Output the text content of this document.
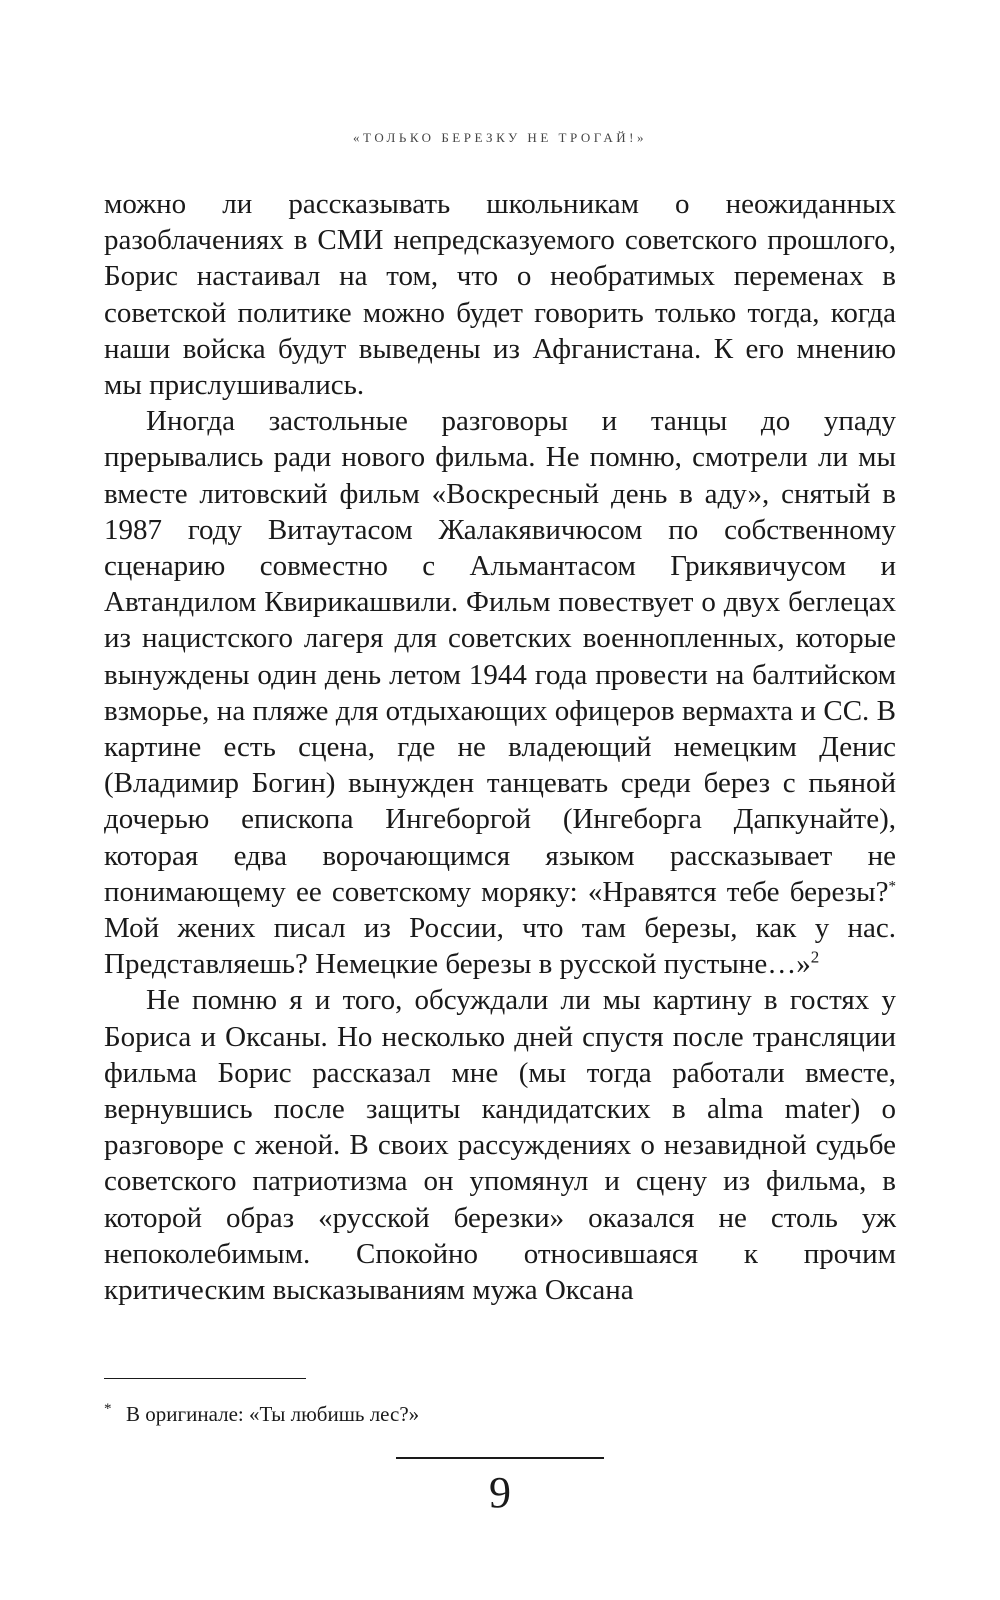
«ТОЛЬКО БЕРЕЗКУ НЕ ТРОГАЙ!»

можно ли рассказывать школьникам о неожиданных разоблачениях в СМИ непредсказуемого советского прошлого, Борис настаивал на том, что о необратимых переменах в советской политике можно будет говорить только тогда, когда наши войска будут выведены из Афганистана. К его мнению мы прислушивались.

Иногда застольные разговоры и танцы до упаду прерывались ради нового фильма. Не помню, смотрели ли мы вместе литовский фильм «Воскресный день в аду», снятый в 1987 году Витаутасом Жалакявичюсом по собственному сценарию совместно с Альмантасом Грикявичусом и Автандилом Квирикашвили. Фильм повествует о двух беглецах из нацистского лагеря для советских военнопленных, которые вынуждены один день летом 1944 года провести на балтийском взморье, на пляже для отдыхающих офицеров вермахта и СС. В картине есть сцена, где не владеющий немецким Денис (Владимир Богин) вынужден танцевать среди берез с пьяной дочерью епископа Ингеборгой (Ингеборга Дапкунайте), которая едва ворочающимся языком рассказывает не понимающему ее советскому моряку: «Нравятся тебе березы?* Мой жених писал из России, что там березы, как у нас. Представляешь? Немецкие березы в русской пустыне…»$^2$

Не помню я и того, обсуждали ли мы картину в гостях у Бориса и Оксаны. Но несколько дней спустя после трансляции фильма Борис рассказал мне (мы тогда работали вместе, вернувшись после защиты кандидатских в alma mater) о разговоре с женой. В своих рассуждениях о незавидной судьбе советского патриотизма он упомянул и сцену из фильма, в которой образ «русской березки» оказался не столь уж непоколебимым. Спокойно относившаяся к прочим критическим высказываниям мужа Оксана

* В оригинале: «Ты любишь лес?»
9
